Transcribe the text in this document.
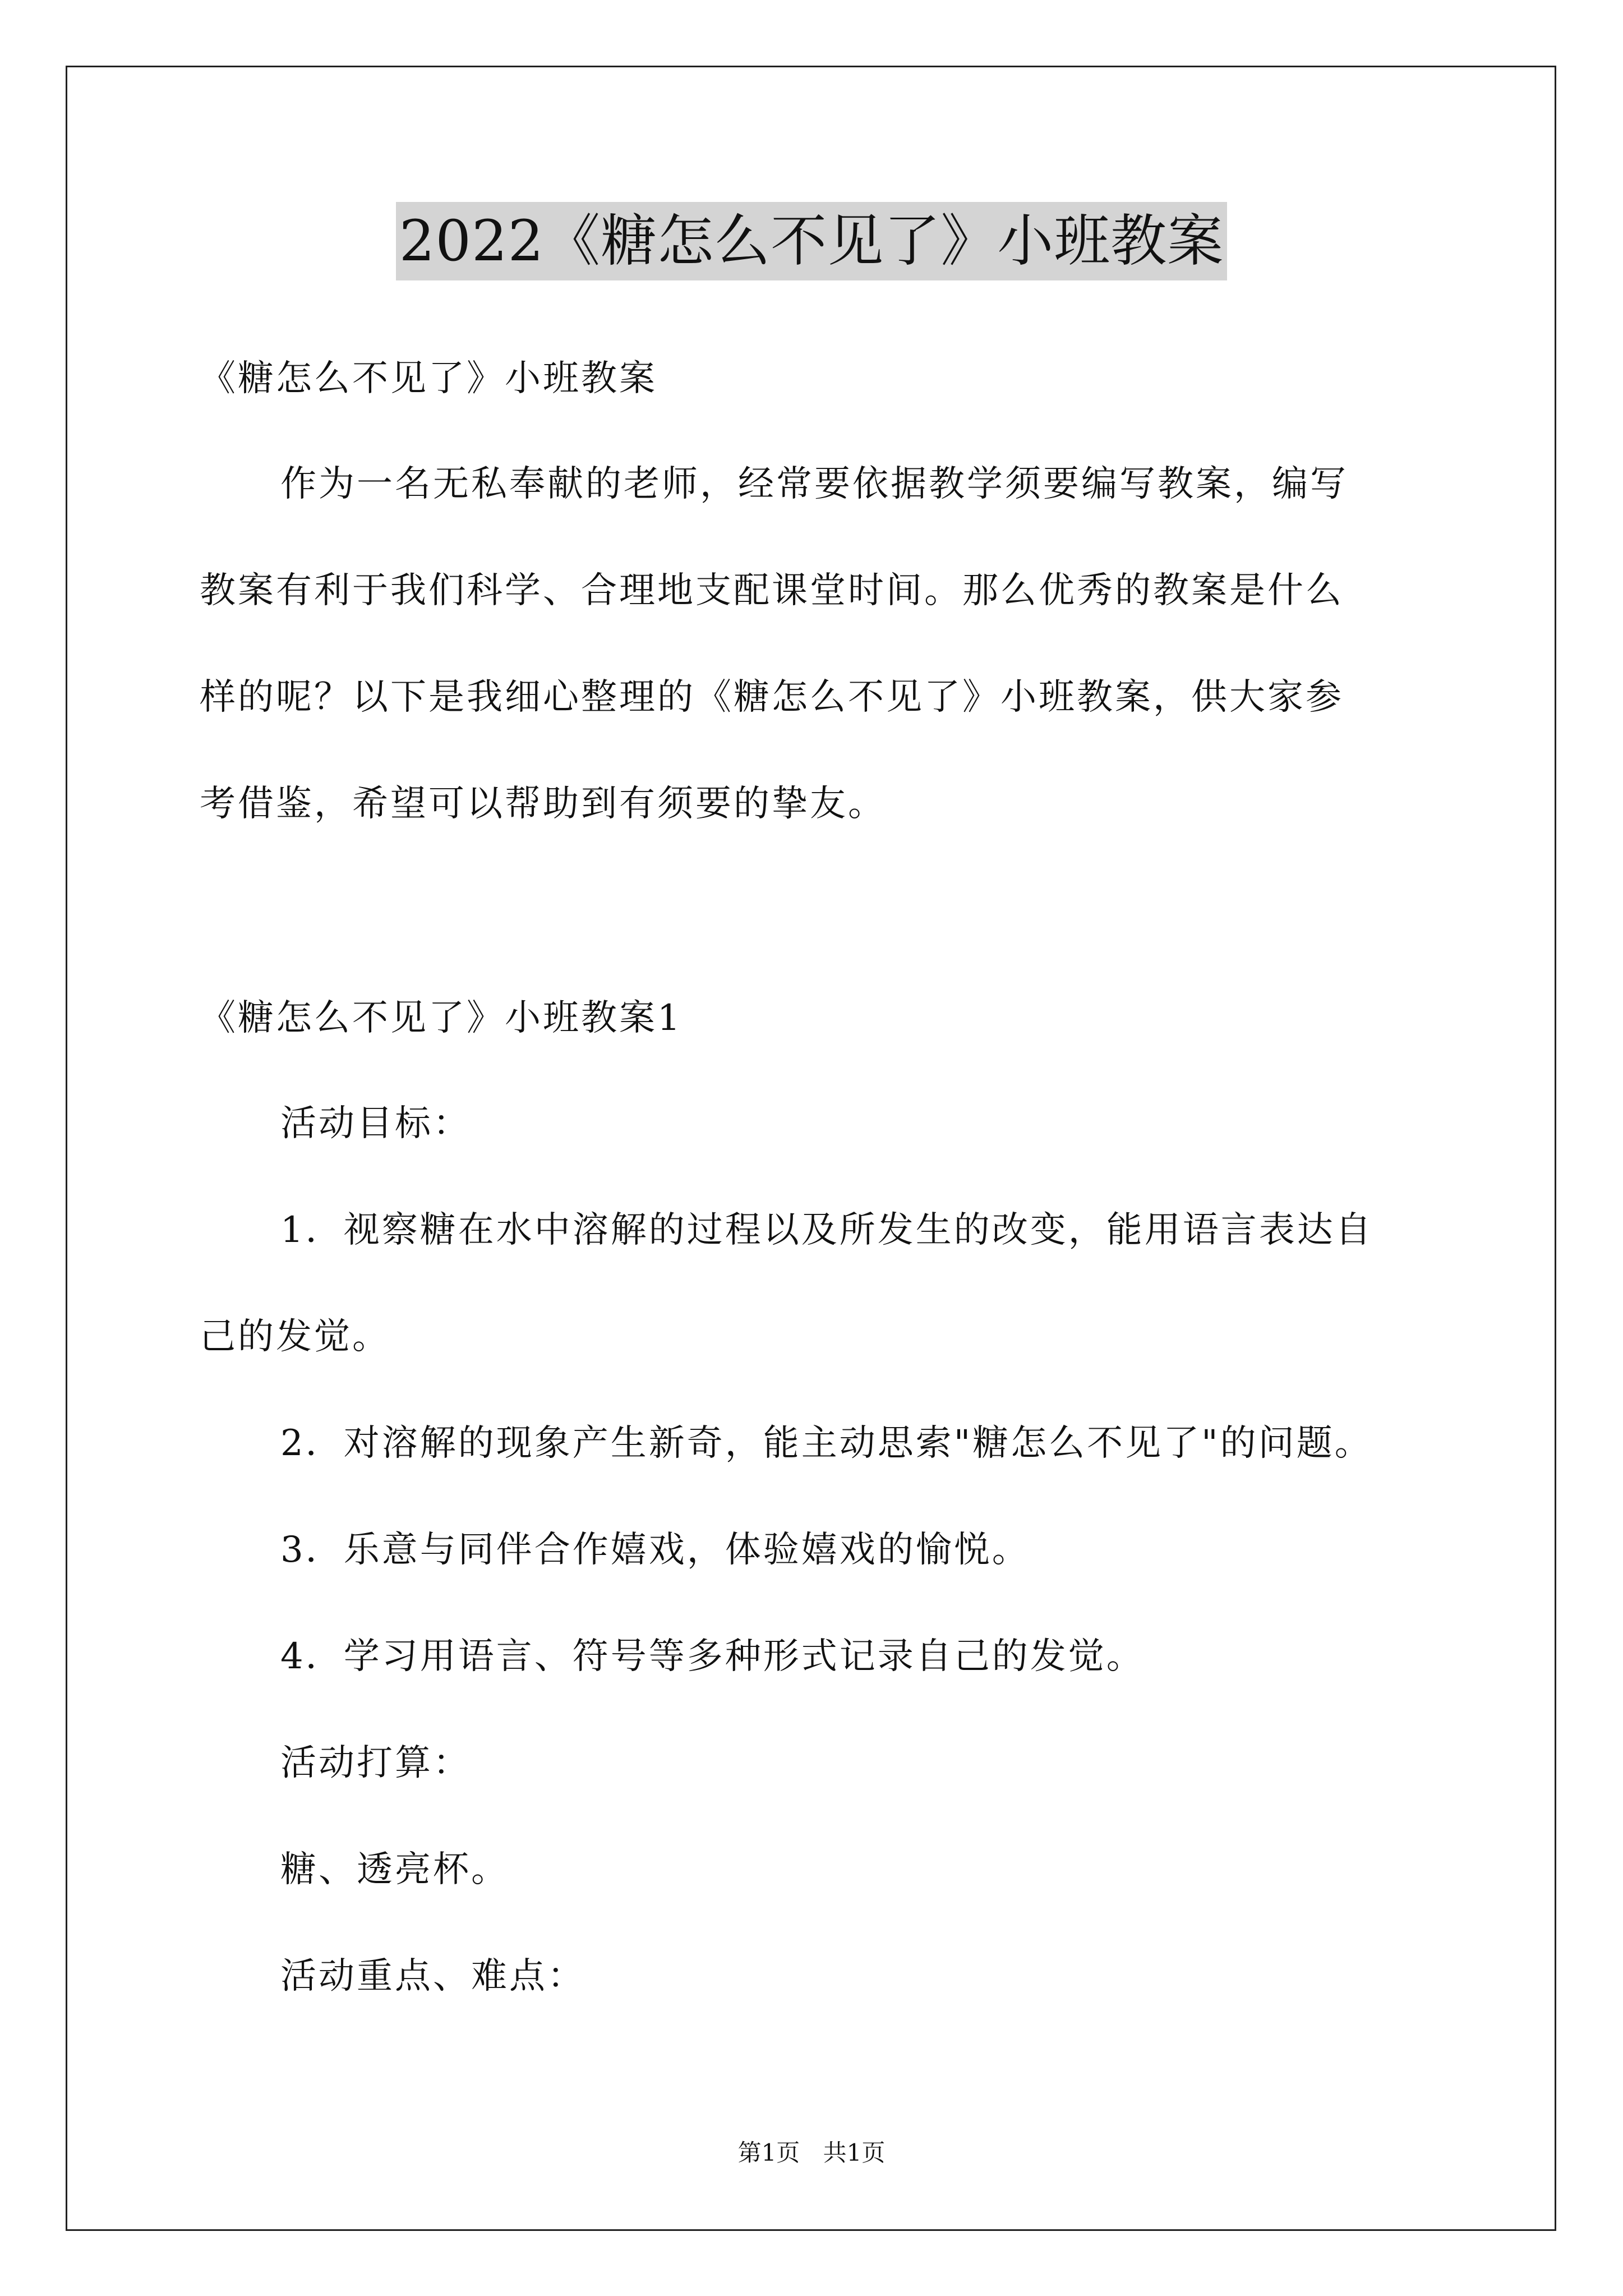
2022《糖怎么不见了》小班教案
《糖怎么不见了》小班教案
作为一名无私奉献的老师，经常要依据教学须要编写教案，编写
教案有利于我们科学、合理地支配课堂时间。那么优秀的教案是什么
样的呢？以下是我细心整理的《糖怎么不见了》小班教案，供大家参
考借鉴，希望可以帮助到有须要的挚友。
《糖怎么不见了》小班教案1
活动目标：
1．视察糖在水中溶解的过程以及所发生的改变，能用语言表达自
己的发觉。
2．对溶解的现象产生新奇，能主动思索"糖怎么不见了"的问题。
3．乐意与同伴合作嬉戏，体验嬉戏的愉悦。
4．学习用语言、符号等多种形式记录自己的发觉。
活动打算：
糖、透亮杯。
活动重点、难点：
第1页 共1页
